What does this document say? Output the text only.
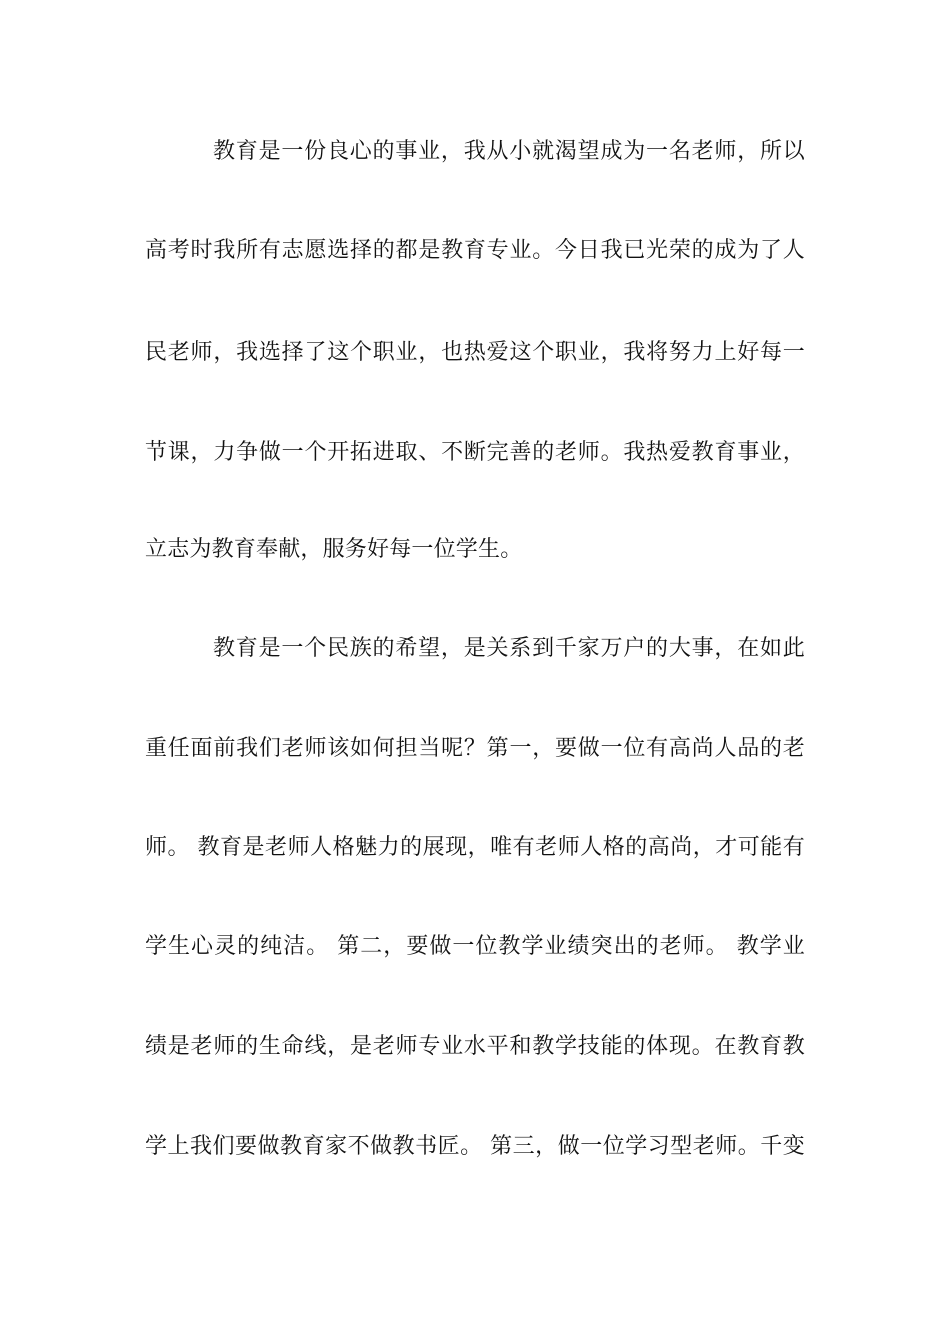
教育是一份良心的事业，我从小就渴望成为一名老师，所以
高考时我所有志愿选择的都是教育专业。今日我已光荣的成为了人
民老师，我选择了这个职业，也热爱这个职业，我将努力上好每一
节课，力争做一个开拓进取、不断完善的老师。我热爱教育事业，
立志为教育奉献，服务好每一位学生。
教育是一个民族的希望，是关系到千家万户的大事，在如此
重任面前我们老师该如何担当呢？第一，要做一位有高尚人品的老
师。 教育是老师人格魅力的展现，唯有老师人格的高尚，才可能有
学生心灵的纯洁。 第二，要做一位教学业绩突出的老师。 教学业
绩是老师的生命线，是老师专业水平和教学技能的体现。在教育教
学上我们要做教育家不做教书匠。 第三，做一位学习型老师。千变
